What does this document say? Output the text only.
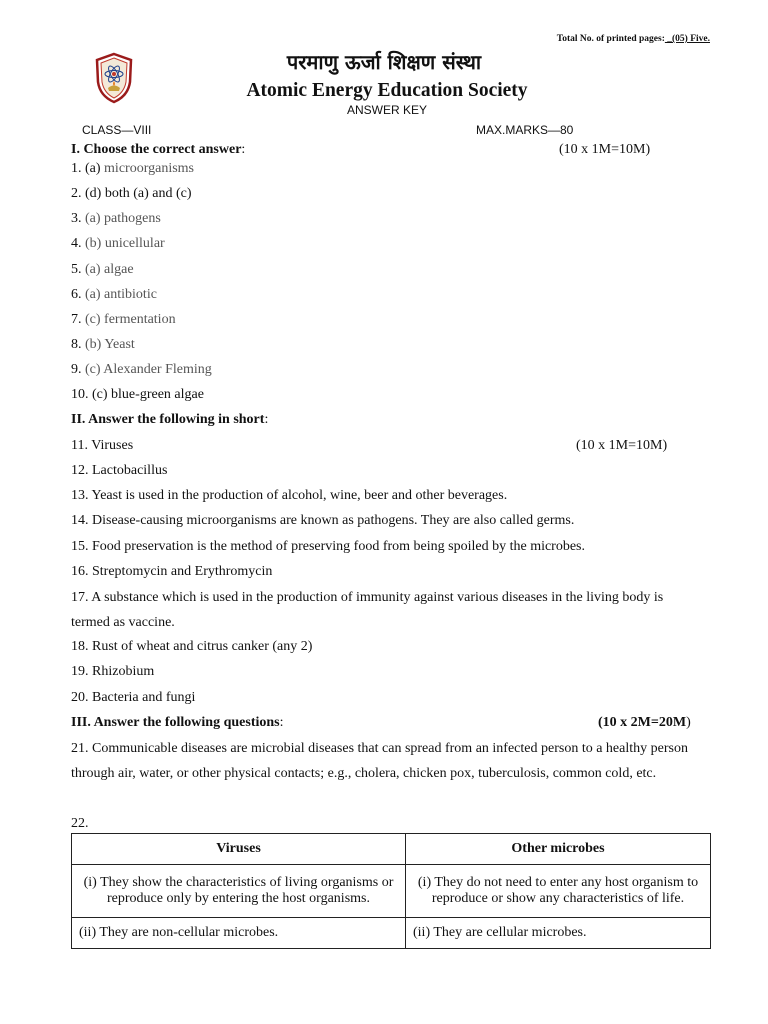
Total No. of printed pages: _(05) Five.
परमाणु ऊर्जा शिक्षण संस्था
Atomic Energy Education Society
ANSWER KEY
CLASS—VIII	MAX.MARKS—80
I. Choose the correct answer:	(10 x 1M=10M)
1. (a) microorganisms
2. (d) both (a) and (c)
3. (a) pathogens
4. (b) unicellular
5. (a) algae
6. (a) antibiotic
7. (c) fermentation
8. (b) Yeast
9. (c) Alexander Fleming
10. (c) blue-green algae
II. Answer the following in short:
(10 x 1M=10M)
11. Viruses
12. Lactobacillus
13. Yeast is used in the production of alcohol, wine, beer and other beverages.
14. Disease-causing microorganisms are known as pathogens. They are also called germs.
15. Food preservation is the method of preserving food from being spoiled by the microbes.
16. Streptomycin and Erythromycin
17. A substance which is used in the production of immunity against various diseases in the living body is termed as vaccine.
18. Rust of wheat and citrus canker (any 2)
19. Rhizobium
20. Bacteria and fungi
III. Answer the following questions:	(10 x 2M=20M)
21. Communicable diseases are microbial diseases that can spread from an infected person to a healthy person through air, water, or other physical contacts; e.g., cholera, chicken pox, tuberculosis, common cold, etc.
22.
Viruses	Other microbes
(i) They show the characteristics of living organisms or reproduce only by entering the host organisms.	(i) They do not need to enter any host organism to reproduce or show any characteristics of life.
(ii) They are non-cellular microbes.	(ii) They are cellular microbes.
